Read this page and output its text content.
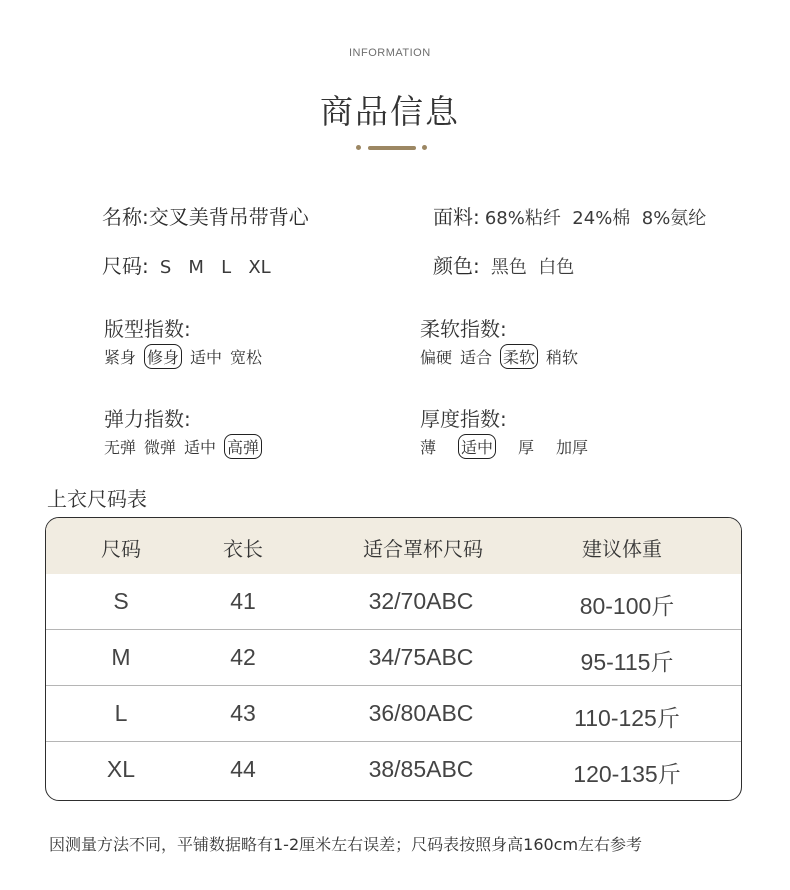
INFORMATION
商品信息
名称:交叉美背吊带背心	面料: 68%粘纤  24%棉  8%氨纶
尺码: S   M   L   XL	颜色: 黑色  白色
版型指数:
紧身 修身 适中 宽松
柔软指数:
偏硬 适合 柔软 稍软
弹力指数:
无弹 微弹 适中 高弹
厚度指数:
薄 适中 厚 加厚
上衣尺码表
尺码	衣长	适合罩杯尺码	建议体重
S	41	32/70ABC	80-100斤
M	42	34/75ABC	95-115斤
L	43	36/80ABC	110-125斤
XL	44	38/85ABC	120-135斤
因测量方法不同，平铺数据略有1-2厘米左右误差；尺码表按照身高160cm左右参考
